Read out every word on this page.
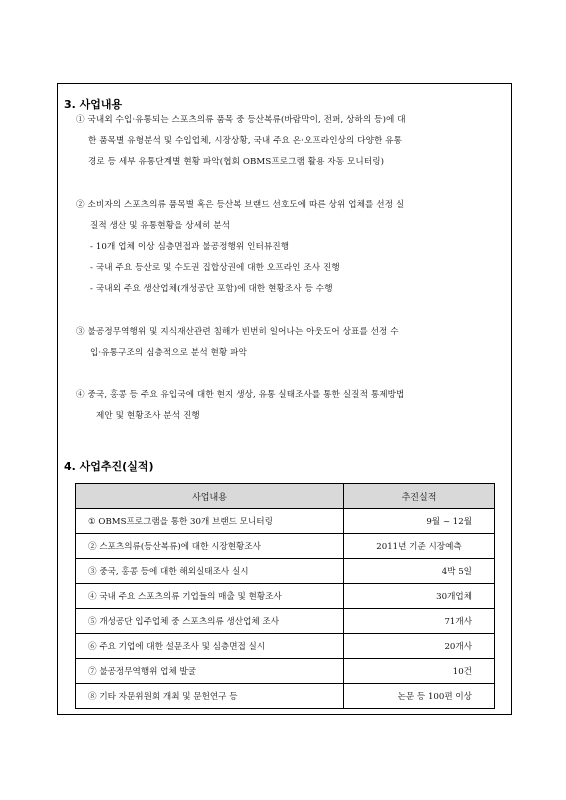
3. 사업내용
① 국내외 수입·유통되는 스포츠의류 품목 중 등산복류(바람막이, 전퍼, 상하의 등)에 대
한 품목별 유형분석 및 수입업체, 시장상황, 국내 주요 온·오프라인상의 다양한 유통
경로 등 세부 유통단계별 현황 파악(협회 OBMS프로그램 활용 자동 모니터링)
② 소비자의 스포츠의류 품목별 혹은 등산복 브랜드 선호도에 따른 상위 업체를 선정 실
질적 생산 및 유통현황을 상세히 분석
- 10개 업체 이상 심층면접과 불공정행위 인터뷰진행
- 국내 주요 등산로 및 수도권 집합상권에 대한 오프라인 조사 진행
- 국내외 주요 생산업체(개성공단 포함)에 대한 현황조사 등 수행
③ 불공정무역행위 및 지식재산관련 침해가 빈번히 일어나는 아웃도어 상표를 선정 수
입·유통구조의 심층적으로 분석 현황 파악
④ 중국, 홍콩 등 주요 유입국에 대한 현지 생상, 유통 실태조사를 통한 실질적 통제방법
제안 및 현황조사 분석 진행
4. 사업추진(실적)
사업내용	추진실적
① OBMS프로그램을 통한 30개 브랜드 모니터링	9월 ~ 12월
② 스포츠의류(등산복류)에 대한 시장현황조사	2011년 기준 시장예측
③ 중국, 홍콩 등에 대한 해외실태조사 실시	4박 5일
④ 국내 주요 스포츠의류 기업들의 매출 및 현황조사	30개업체
⑤ 개성공단 입주업체 중 스포츠의류 생산업체 조사	71개사
⑥ 주요 기업에 대한 설문조사 및 심층면접 실시	20개사
⑦ 불공정무역행위 업체 발굴	10건
⑧ 기타 자문위원회 개최 및 문헌연구 등	논문 등 100편 이상
